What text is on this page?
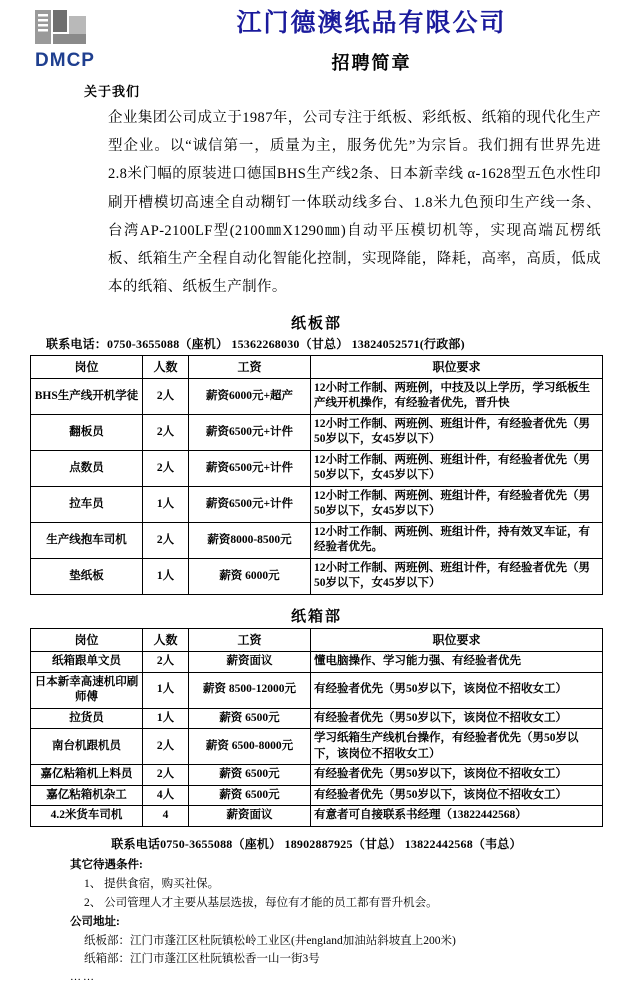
DMCP
江门德澳纸品有限公司
招聘简章
关于我们
企业集团公司成立于1987年，公司专注于纸板、彩纸板、纸箱的现代化生产型企业。以“诚信第一，质量为主，服务优先”为宗旨。我们拥有世界先进2.8米门幅的原装进口德国BHS生产线2条、日本新幸线 α-1628型五色水性印刷开槽模切高速全自动糊钉一体联动线多台、1.8米九色预印生产线一条、台湾AP-2100LF型(2100㎜X1290㎜)自动平压模切机等，实现高端瓦楞纸板、纸箱生产全程自动化智能化控制，实现降能，降耗，高率，高质，低成本的纸箱、纸板生产制作。
纸板部
联系电话：0750-3655088（座机） 15362268030（甘总） 13824052571(行政部)
岗位	人数	工资	职位要求
BHS生产线开机学徒	2人	薪资6000元+超产	12小时工作制、两班例，中技及以上学历，学习纸板生产线开机操作，有经验者优先，晋升快
翻板员	2人	薪资6500元+计件	12小时工作制、两班例、班组计件，有经验者优先（男50岁以下，女45岁以下）
点数员	2人	薪资6500元+计件	12小时工作制、两班例、班组计件，有经验者优先（男50岁以下，女45岁以下）
拉车员	1人	薪资6500元+计件	12小时工作制、两班例、班组计件，有经验者优先（男50岁以下，女45岁以下）
生产线抱车司机	2人	薪资8000-8500元	12小时工作制、两班例、班组计件，持有效叉车证，有经验者优先。
垫纸板	1人	薪资 6000元	12小时工作制、两班例、班组计件，有经验者优先（男50岁以下，女45岁以下）
纸箱部
岗位	人数	工资	职位要求
纸箱跟单文员	2人	薪资面议	懂电脑操作、学习能力强、有经验者优先
日本新幸高速机印刷师傅	1人	薪资 8500-12000元	有经验者优先（男50岁以下，该岗位不招收女工）
拉货员	1人	薪资 6500元	有经验者优先（男50岁以下，该岗位不招收女工）
南台机跟机员	2人	薪资 6500-8000元	学习纸箱生产线机台操作，有经验者优先（男50岁以下，该岗位不招收女工）
嘉亿粘箱机上料员	2人	薪资 6500元	有经验者优先（男50岁以下，该岗位不招收女工）
嘉亿粘箱机杂工	4人	薪资 6500元	有经验者优先（男50岁以下，该岗位不招收女工）
4.2米货车司机	4	薪资面议	有意者可自接联系书经理（13822442568）
联系电话0750-3655088（座机） 18902887925（甘总） 13822442568（韦总）
其它待遇条件:
1、 提供食宿，购买社保。
2、 公司管理人才主要从基层选拔，每位有才能的员工都有晋升机会。
公司地址:
纸板部：江门市蓬江区杜阮镇松岭工业区(井england加油站斜坡直上200米)
纸箱部：江门市蓬江区杜阮镇松香一山一街3号
……
